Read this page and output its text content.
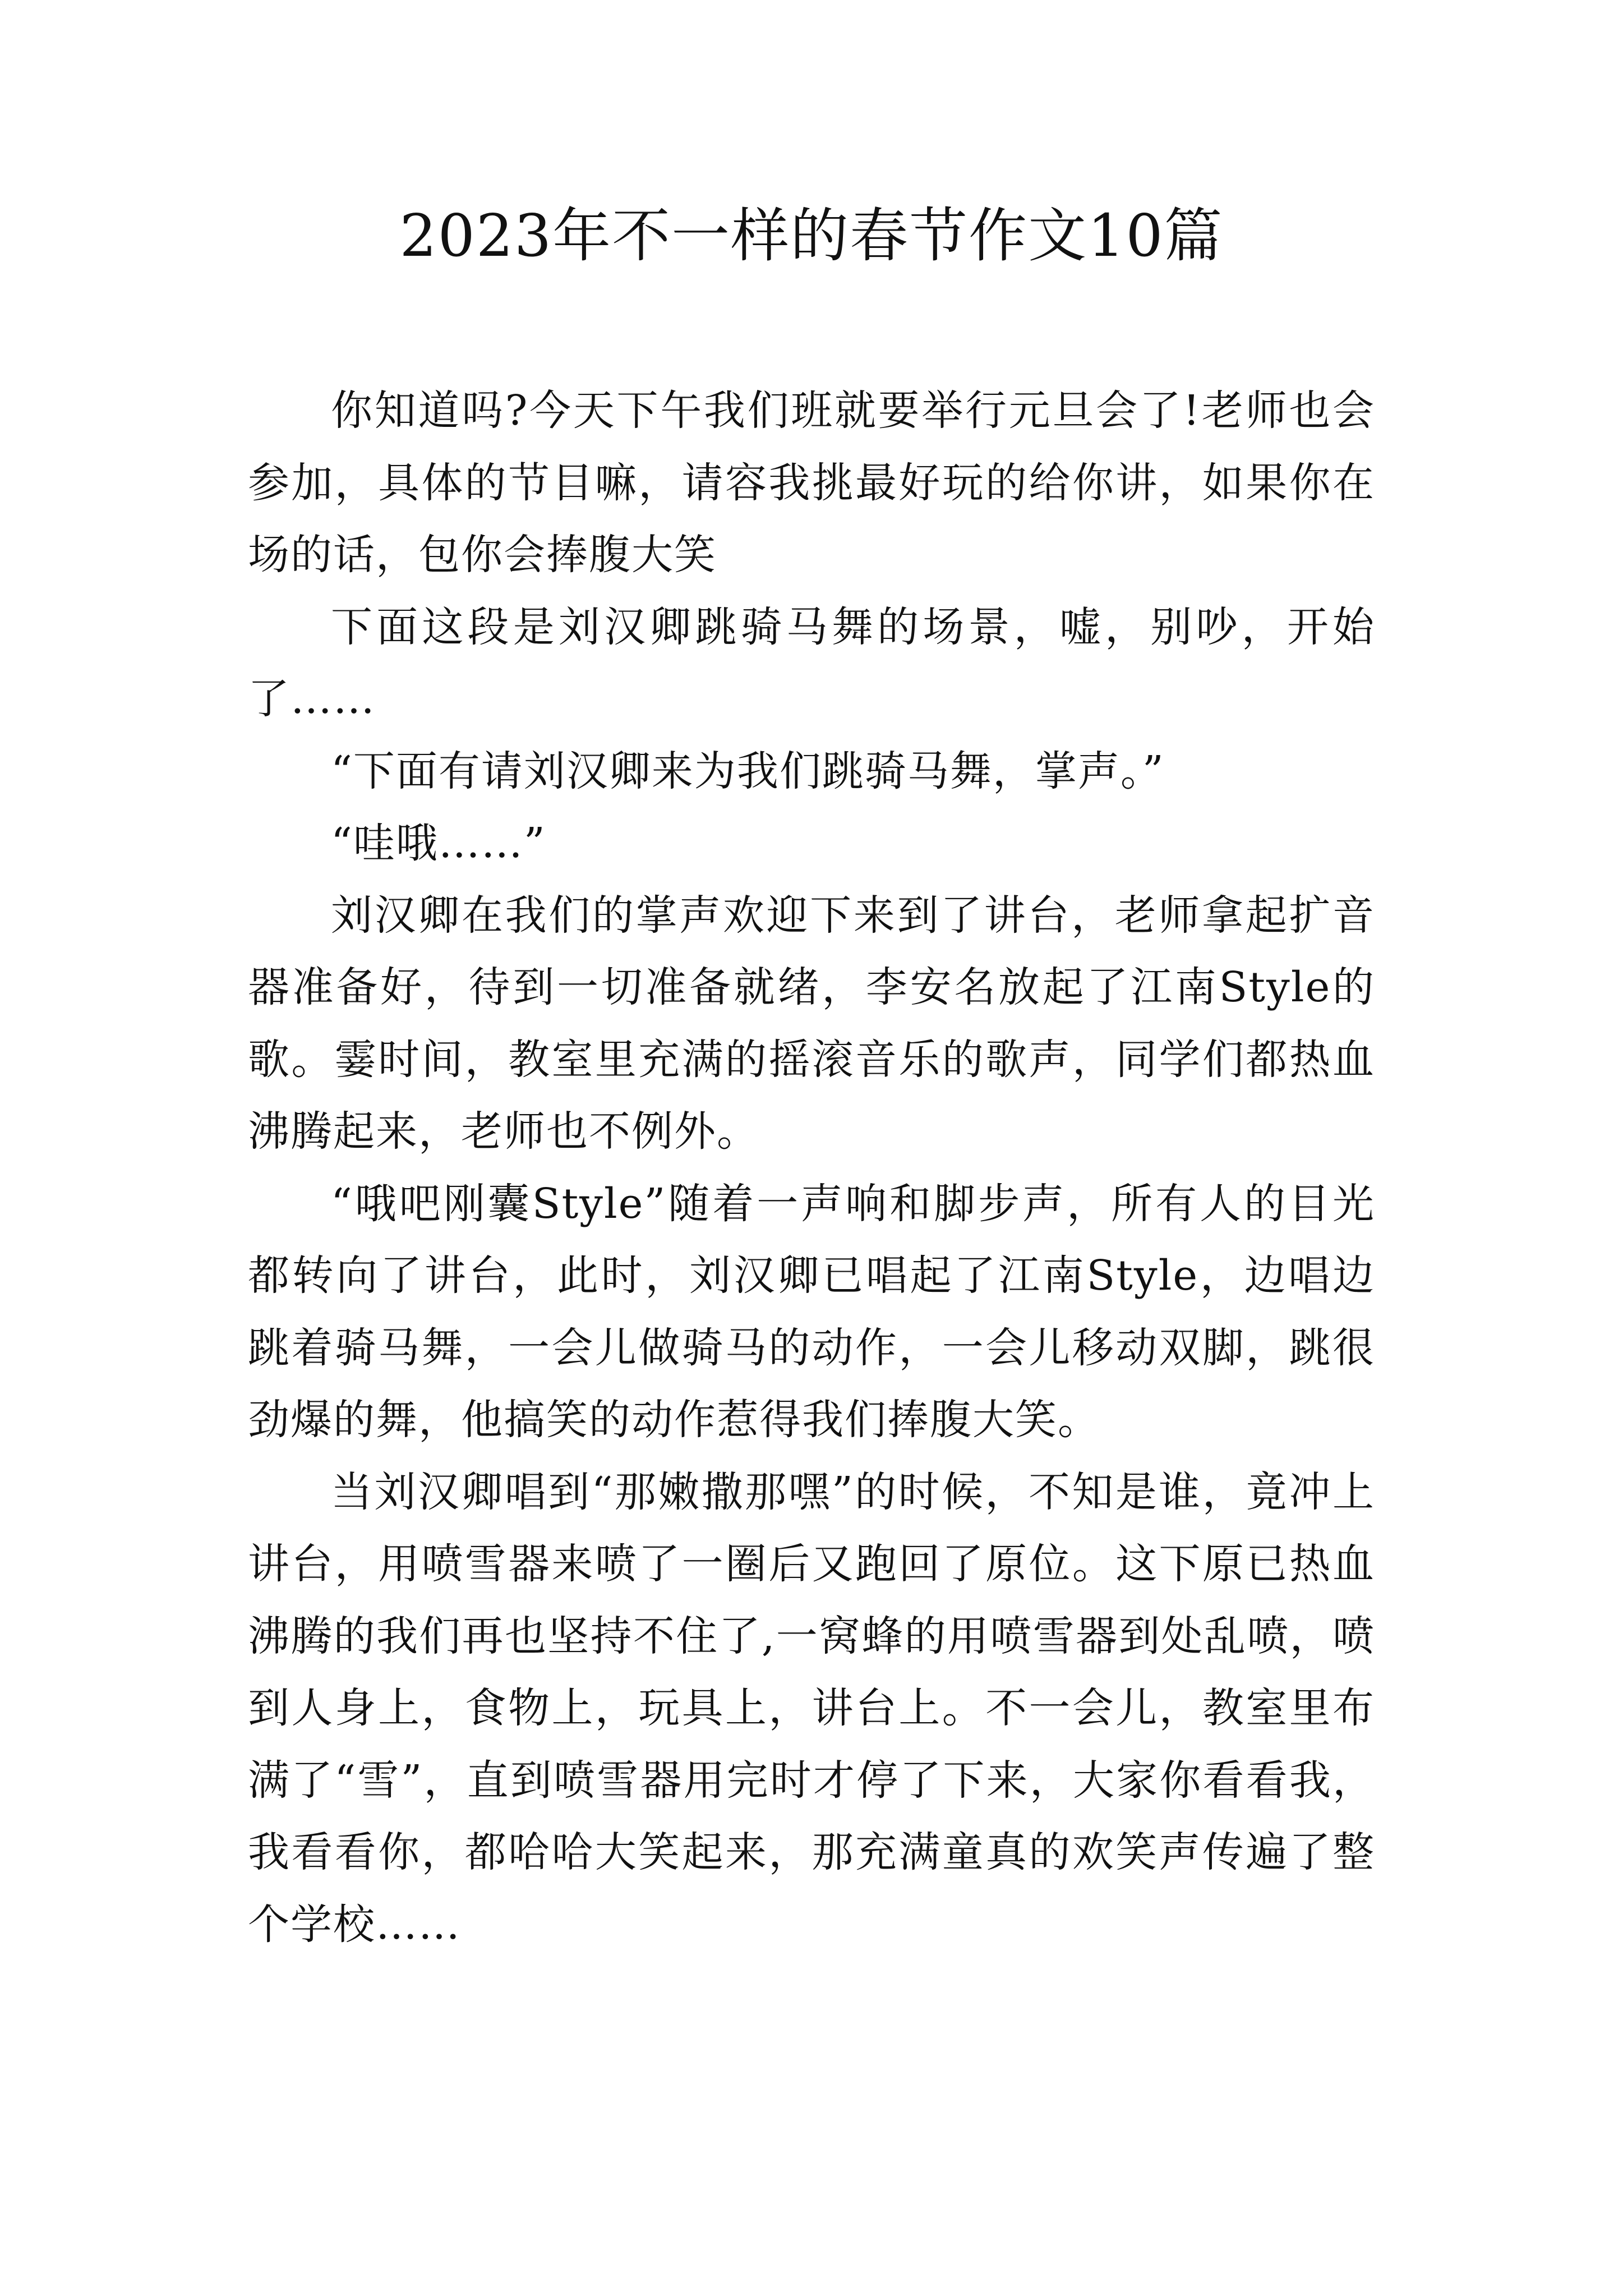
2023年不一样的春节作文10篇

你知道吗?今天下午我们班就要举行元旦会了!老师也会参加，具体的节目嘛，请容我挑最好玩的给你讲，如果你在场的话，包你会捧腹大笑

下面这段是刘汉卿跳骑马舞的场景，嘘，别吵，开始了……

“下面有请刘汉卿来为我们跳骑马舞，掌声。”

“哇哦……”

刘汉卿在我们的掌声欢迎下来到了讲台，老师拿起扩音器准备好，待到一切准备就绪，李安名放起了江南Style的歌。霎时间，教室里充满的摇滚音乐的歌声，同学们都热血沸腾起来，老师也不例外。

“哦吧刚囊Style”随着一声响和脚步声，所有人的目光都转向了讲台，此时，刘汉卿已唱起了江南Style，边唱边跳着骑马舞，一会儿做骑马的动作，一会儿移动双脚，跳很劲爆的舞，他搞笑的动作惹得我们捧腹大笑。

当刘汉卿唱到“那嫩撒那嘿”的时候，不知是谁，竟冲上讲台，用喷雪器来喷了一圈后又跑回了原位。这下原已热血沸腾的我们再也坚持不住了,一窝蜂的用喷雪器到处乱喷，喷到人身上，食物上，玩具上，讲台上。不一会儿，教室里布满了“雪”，直到喷雪器用完时才停了下来，大家你看看我，我看看你，都哈哈大笑起来，那充满童真的欢笑声传遍了整个学校……
